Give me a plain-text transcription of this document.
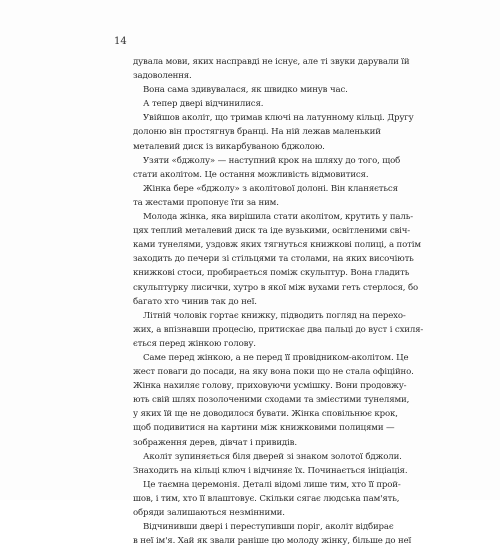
14
дувала мови, яких насправді не існує, але ті звуки дарували їй
задоволення.
Вона сама здивувалася, як швидко минув час.
А тепер двері відчинилися.
Увійшов аколіт, що тримав ключі на латунному кільці. Другу
долоню він простягнув бранці. На ній лежав маленький
металевий диск із викарбуваною бджолою.
Узяти «бджолу» — наступний крок на шляху до того, щоб
стати аколітом. Це остання можливість відмовитися.
Жінка бере «бджолу» з аколітової долоні. Він кланяється
та жестами пропонує їти за ним.
Молода жінка, яка вирішила стати аколітом, крутить у паль-
цях теплий металевий диск та іде вузькими, освітленими свіч-
ками тунелями, уздовж яких тягнуться книжкові полиці, а потім
заходить до печери зі стільцями та столами, на яких височіють
книжкові стоси, пробирається поміж скульптур. Вона гладить
скульптурку лисички, хутро в якої між вухами геть стерлося, бо
багато хто чинив так до неї.
Літній чоловік гортає книжку, підводить погляд на перехо-
жих, а впізнавши процесію, притискає два пальці до вуст і схиля-
ється перед жінкою голову.
Саме перед жінкою, а не перед її провідником-аколітом. Це
жест поваги до посади, на яку вона поки що не стала офіційно.
Жінка нахиляє голову, приховуючи усмішку. Вони продовжу-
ють свій шлях позолоченими сходами та змієстими тунелями,
у яких їй ще не доводилося бувати. Жінка сповільнює крок,
щоб подивитися на картини між книжковими полицями —
зображення дерев, дівчат і привидів.
Аколіт зупиняється біля дверей зі знаком золотої бджоли.
Знаходить на кільці ключ і відчиняє їх. Починається ініціація.
Це таємна церемонія. Деталі відомі лише тим, хто її прой-
шов, і тим, хто її влаштовує. Скільки сягає людська пам'ять,
обряди залишаються незмінними.
Відчинивши двері і переступивши поріг, аколіт відбирає
в неї ім'я. Хай як звали раніше цю молоду жінку, більше до неї
